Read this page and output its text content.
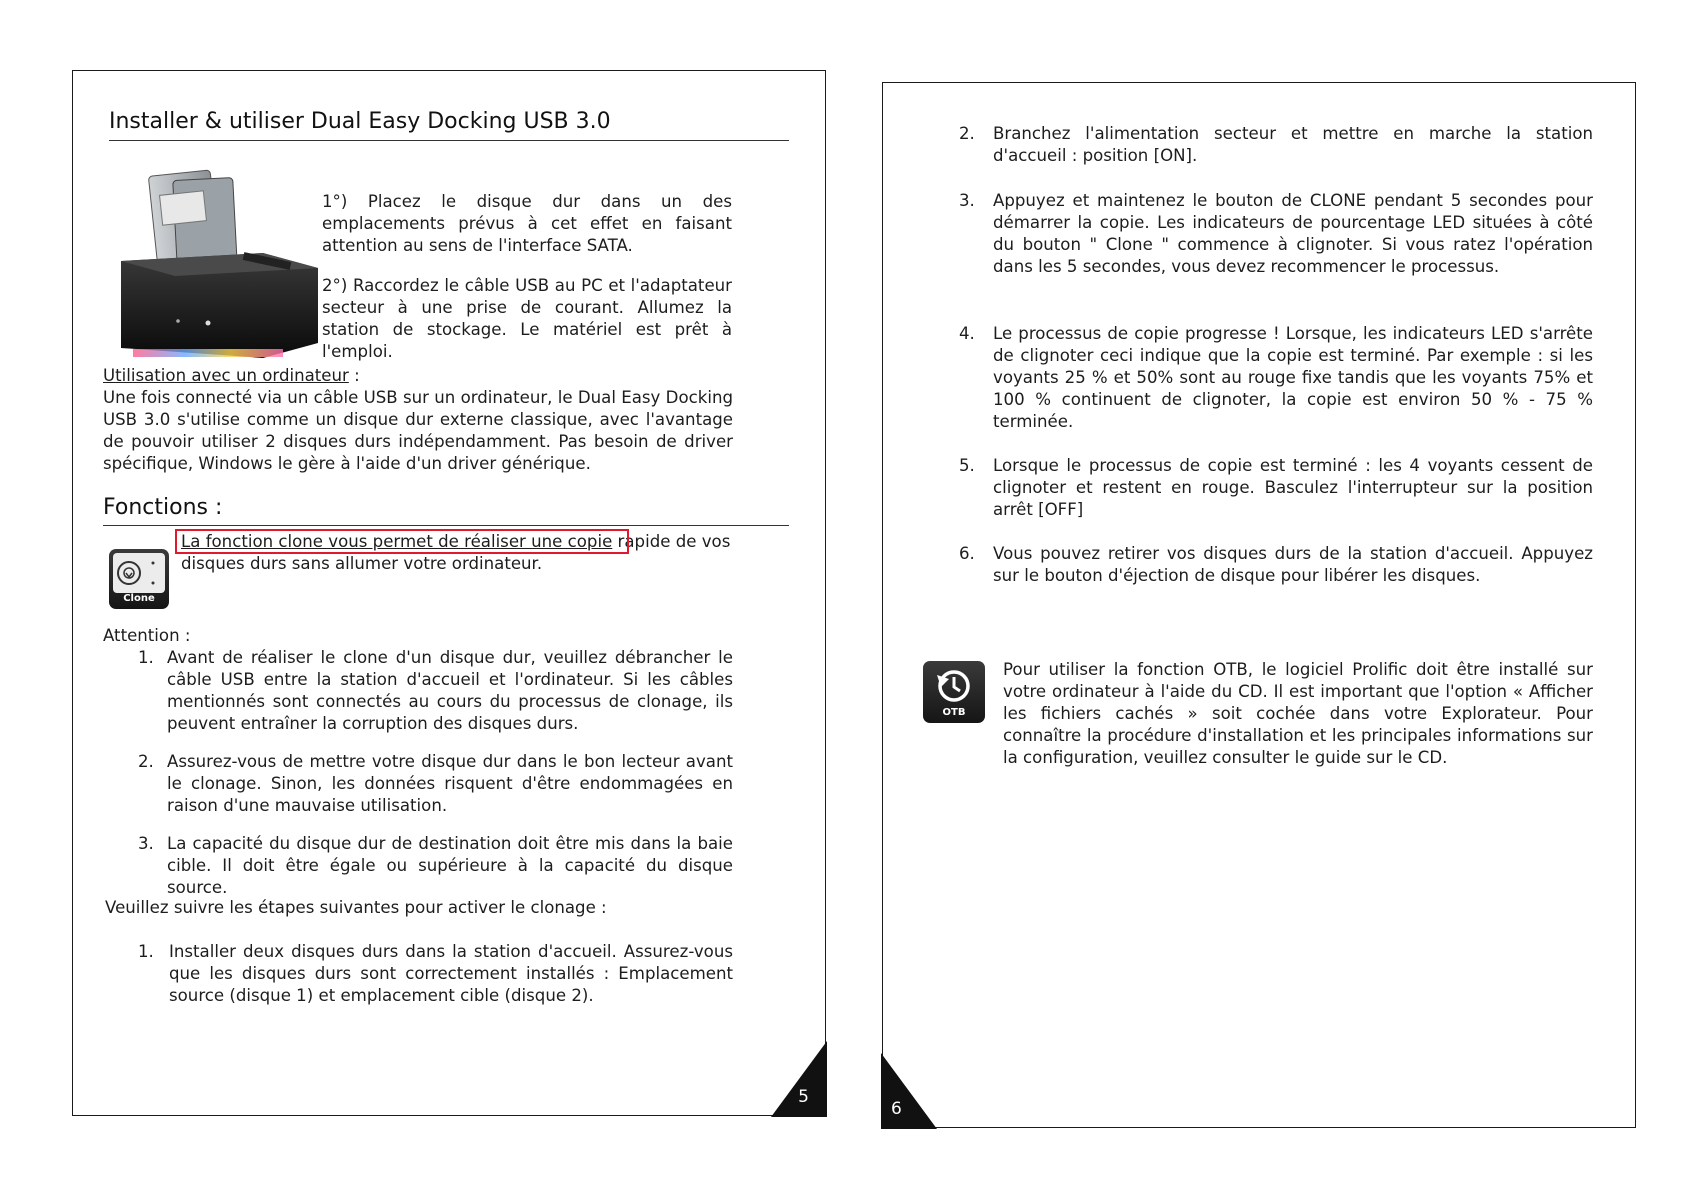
Installer & utiliser Dual Easy Docking USB 3.0
1°) Placez le disque dur dans un des emplacements prévus à cet effet en faisant attention au sens de l'interface SATA.
2°) Raccordez le câble USB au PC et l'adaptateur secteur à une prise de courant. Allumez la station de stockage. Le matériel est prêt à l'emploi.
Utilisation avec un ordinateur :
Une fois connecté via un câble USB sur un ordinateur, le Dual Easy Docking USB 3.0 s'utilise comme un disque dur externe classique, avec l'avantage de pouvoir utiliser 2 disques durs indépendamment. Pas besoin de driver spécifique, Windows le gère à l'aide d'un driver générique.
Fonctions :
Clone
La fonction clone vous permet de réaliser une copie rapide de vos disques durs sans allumer votre ordinateur.
Attention :
1. Avant de réaliser le clone d'un disque dur, veuillez débrancher le câble USB entre la station d'accueil et l'ordinateur. Si les câbles mentionnés sont connectés au cours du processus de clonage, ils peuvent entraîner la corruption des disques durs.
2. Assurez-vous de mettre votre disque dur dans le bon lecteur avant le clonage. Sinon, les données risquent d'être endommagées en raison d'une mauvaise utilisation.
3. La capacité du disque dur de destination doit être mis dans la baie cible. Il doit être égale ou supérieure à la capacité du disque source.
Veuillez suivre les étapes suivantes pour activer le clonage :
1. Installer deux disques durs dans la station d'accueil. Assurez-vous que les disques durs sont correctement installés : Emplacement source (disque 1) et emplacement cible (disque 2).
5
2. Branchez l'alimentation secteur et mettre en marche la station d'accueil : position [ON].
3. Appuyez et maintenez le bouton de CLONE pendant 5 secondes pour démarrer la copie. Les indicateurs de pourcentage LED situées à côté du bouton " Clone " commence à clignoter. Si vous ratez l'opération dans les 5 secondes, vous devez recommencer le processus.
4. Le processus de copie progresse ! Lorsque, les indicateurs LED s'arrête de clignoter ceci indique que la copie est terminé. Par exemple : si les voyants 25 % et 50% sont au rouge fixe tandis que les voyants 75% et 100 % continuent de clignoter, la copie est environ 50 % - 75 % terminée.
5. Lorsque le processus de copie est terminé : les 4 voyants cessent de clignoter et restent en rouge. Basculez l'interrupteur sur la position arrêt [OFF]
6. Vous pouvez retirer vos disques durs de la station d'accueil. Appuyez sur le bouton d'éjection de disque pour libérer les disques.
OTB
Pour utiliser la fonction OTB, le logiciel Prolific doit être installé sur votre ordinateur à l'aide du CD. Il est important que l'option « Afficher les fichiers cachés » soit cochée dans votre Explorateur. Pour connaître la procédure d'installation et les principales informations sur la configuration, veuillez consulter le guide sur le CD.
6
